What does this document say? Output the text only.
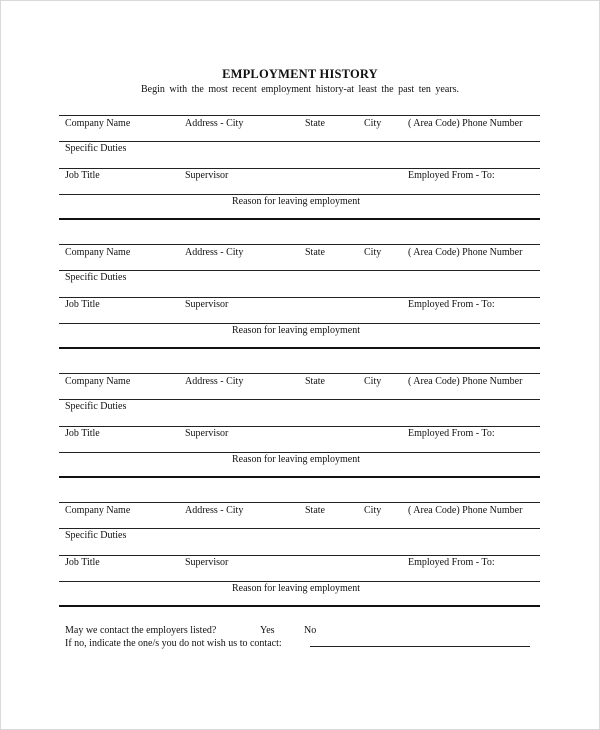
EMPLOYMENT HISTORY
Begin with the most recent employment history-at least the past ten years.
Company Name	Address - City	State	City	( Area Code) Phone Number
Specific Duties
Job Title	Supervisor	Employed From - To:
Reason for leaving employment
Company Name	Address - City	State	City	( Area Code) Phone Number
Specific Duties
Job Title	Supervisor	Employed From - To:
Reason for leaving employment
Company Name	Address - City	State	City	( Area Code) Phone Number
Specific Duties
Job Title	Supervisor	Employed From - To:
Reason for leaving employment
Company Name	Address - City	State	City	( Area Code) Phone Number
Specific Duties
Job Title	Supervisor	Employed From - To:
Reason for leaving employment
May we contact the employers listed?	Yes	No
If no, indicate the one/s you do not wish us to contact:
